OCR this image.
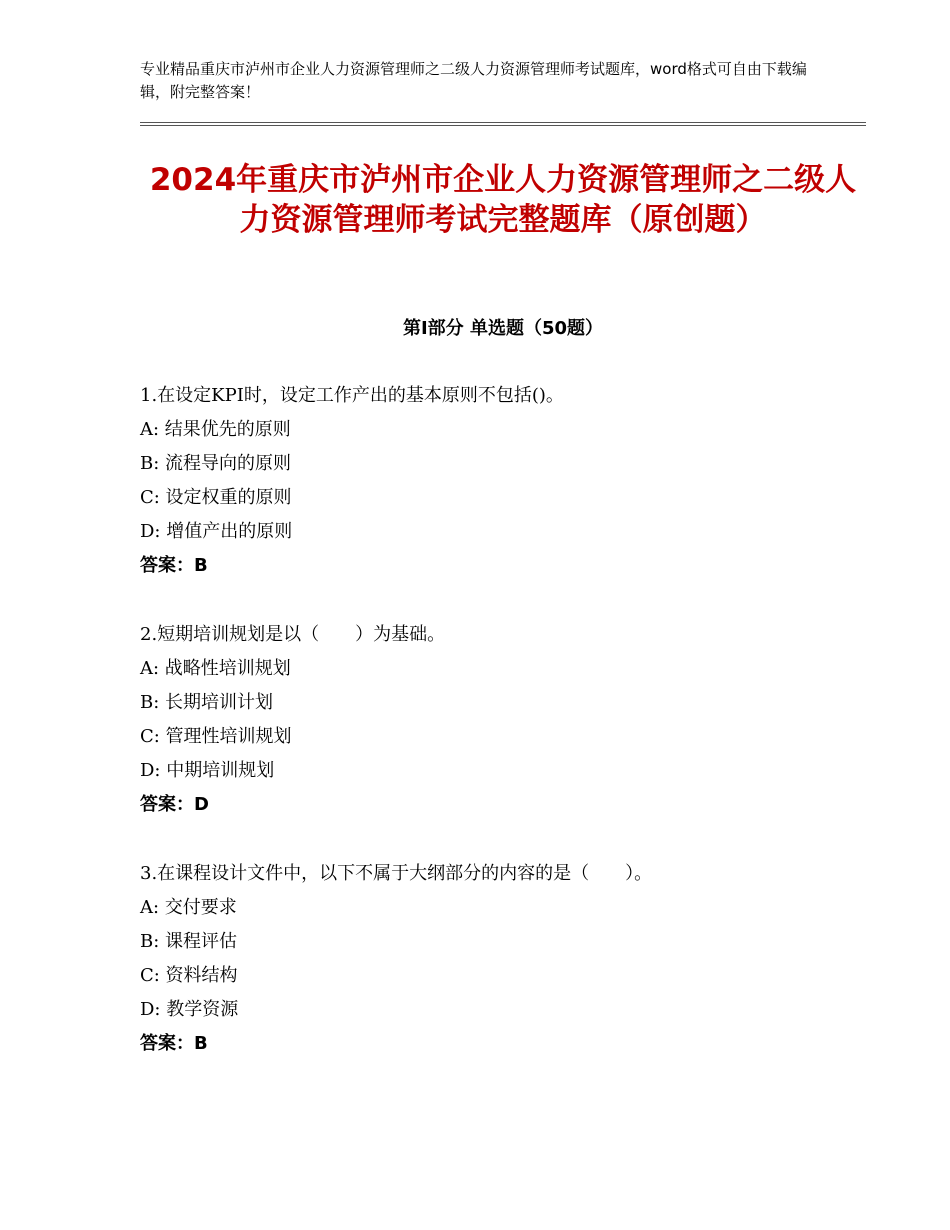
专业精品重庆市泸州市企业人力资源管理师之二级人力资源管理师考试题库，word格式可自由下载编辑，附完整答案！
2024年重庆市泸州市企业人力资源管理师之二级人力资源管理师考试完整题库（原创题）
第Ⅰ部分 单选题（50题）
1.在设定KPI时，设定工作产出的基本原则不包括()。
A: 结果优先的原则
B: 流程导向的原则
C: 设定权重的原则
D: 增值产出的原则
答案：B
2.短期培训规划是以（　　）为基础。
A: 战略性培训规划
B: 长期培训计划
C: 管理性培训规划
D: 中期培训规划
答案：D
3.在课程设计文件中，以下不属于大纲部分的内容的是（　　）。
A: 交付要求
B: 课程评估
C: 资料结构
D: 教学资源
答案：B
